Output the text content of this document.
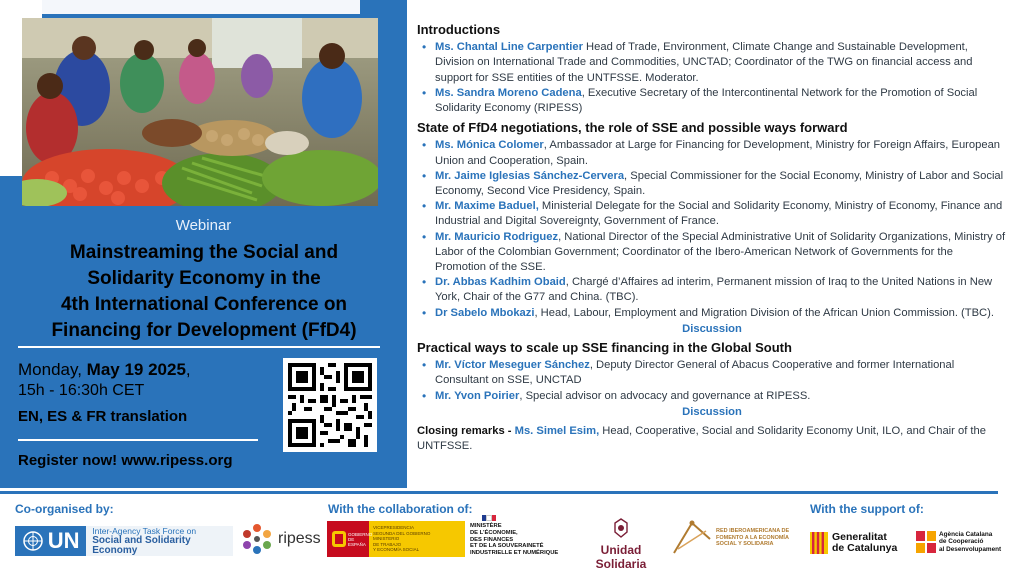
Webinar
Mainstreaming the Social and
Solidarity Economy in the
4th International Conference on
Financing for Development (FfD4)
Monday, May 19 2025,
15h - 16:30h CET
EN, ES & FR translation
Register now! www.ripess.org
Introductions
• Ms. Chantal Line Carpentier Head of Trade, Environment, Climate Change and Sustainable Development, Division on International Trade and Commodities, UNCTAD; Coordinator of the TWG on financial access and support for SSE entities of the UNTFSSE. Moderator.
• Ms. Sandra Moreno Cadena, Executive Secretary of the Intercontinental Network for the Promotion of Social Solidarity Economy (RIPESS)
State of FfD4 negotiations, the role of SSE and possible ways forward
• Ms. Mónica Colomer, Ambassador at Large for Financing for Development, Ministry for Foreign Affairs, European Union and Cooperation, Spain.
• Mr. Jaime Iglesias Sánchez-Cervera, Special Commissioner for the Social Economy, Ministry of Labor and Social Economy, Second Vice Presidency, Spain.
• Mr. Maxime Baduel, Ministerial Delegate for the Social and Solidarity Economy, Ministry of Economy, Finance and Industrial and Digital Sovereignty, Government of France.
• Mr. Mauricio Rodriguez, National Director of the Special Administrative Unit of Solidarity Organizations, Ministry of Labor of the Colombian Government; Coordinator of the Ibero-American Network of Governments for the Promotion of the SSE.
• Dr. Abbas Kadhim Obaid, Chargé d’Affaires ad interim, Permanent mission of Iraq to the United Nations in New York, Chair of the G77 and China. (TBC).
• Dr Sabelo Mbokazi, Head, Labour, Employment and Migration Division of the African Union Commission. (TBC).
Discussion
Practical ways to scale up SSE financing in the Global South
• Mr. Víctor Meseguer Sánchez, Deputy Director General of Abacus Cooperative and former International Consultant on SSE, UNCTAD
• Mr. Yvon Poirier, Special advisor on advocacy and governance at RIPESS.
Discussion
Closing remarks - Ms. Simel Esim, Head, Cooperative, Social and Solidarity Economy Unit, ILO, and Chair of the UNTFSSE.
Co-organised by:	With the collaboration of:	With the support of:
UN	Inter-Agency Task Force on
Social and Solidarity Economy
ripess	GOBIERNO DE ESPAÑA
VICEPRESIDENCIA
SEGUNDA DEL GOBIERNO
MINISTERIO
DE TRABAJO
Y ECONOMÍA SOCIAL
MINISTÈRE
DE L’ÉCONOMIE,
DES FINANCES
ET DE LA SOUVERAINETÉ
INDUSTRIELLE ET NUMÉRIQUE	Unidad Solidaria
RED IBEROAMERICANA DE
FOMENTO A LA ECONOMÍA
SOCIAL Y SOLIDARIA
Generalitat
de Catalunya
Agència Catalana
de Cooperació
al Desenvolupament
